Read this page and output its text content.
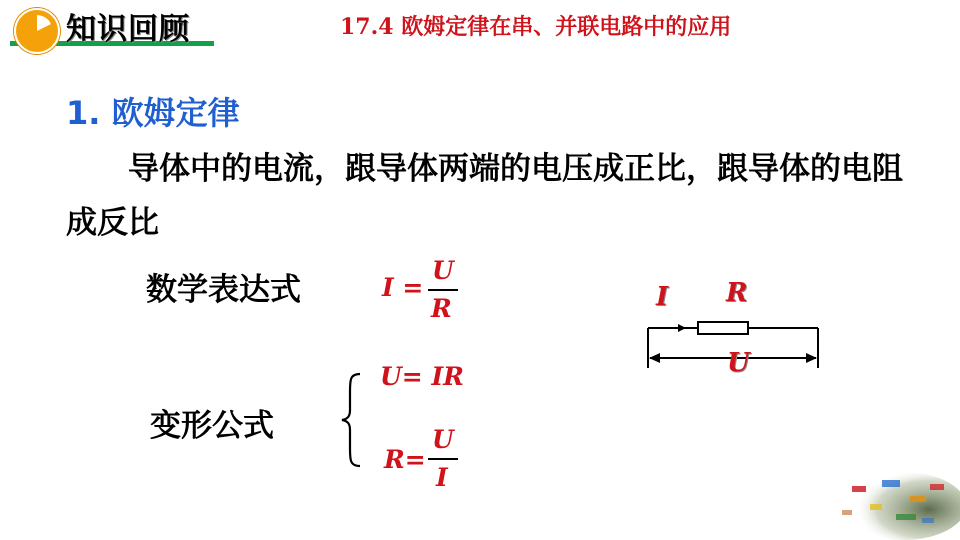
知识回顾	17.4 欧姆定律在串、并联电路中的应用
1. 欧姆定律
导体中的电流，跟导体两端的电压成正比，跟导体的电阻成反比
数学表达式	I =
U
R
变形公式
U= IR
R=
U
I
I R
U
